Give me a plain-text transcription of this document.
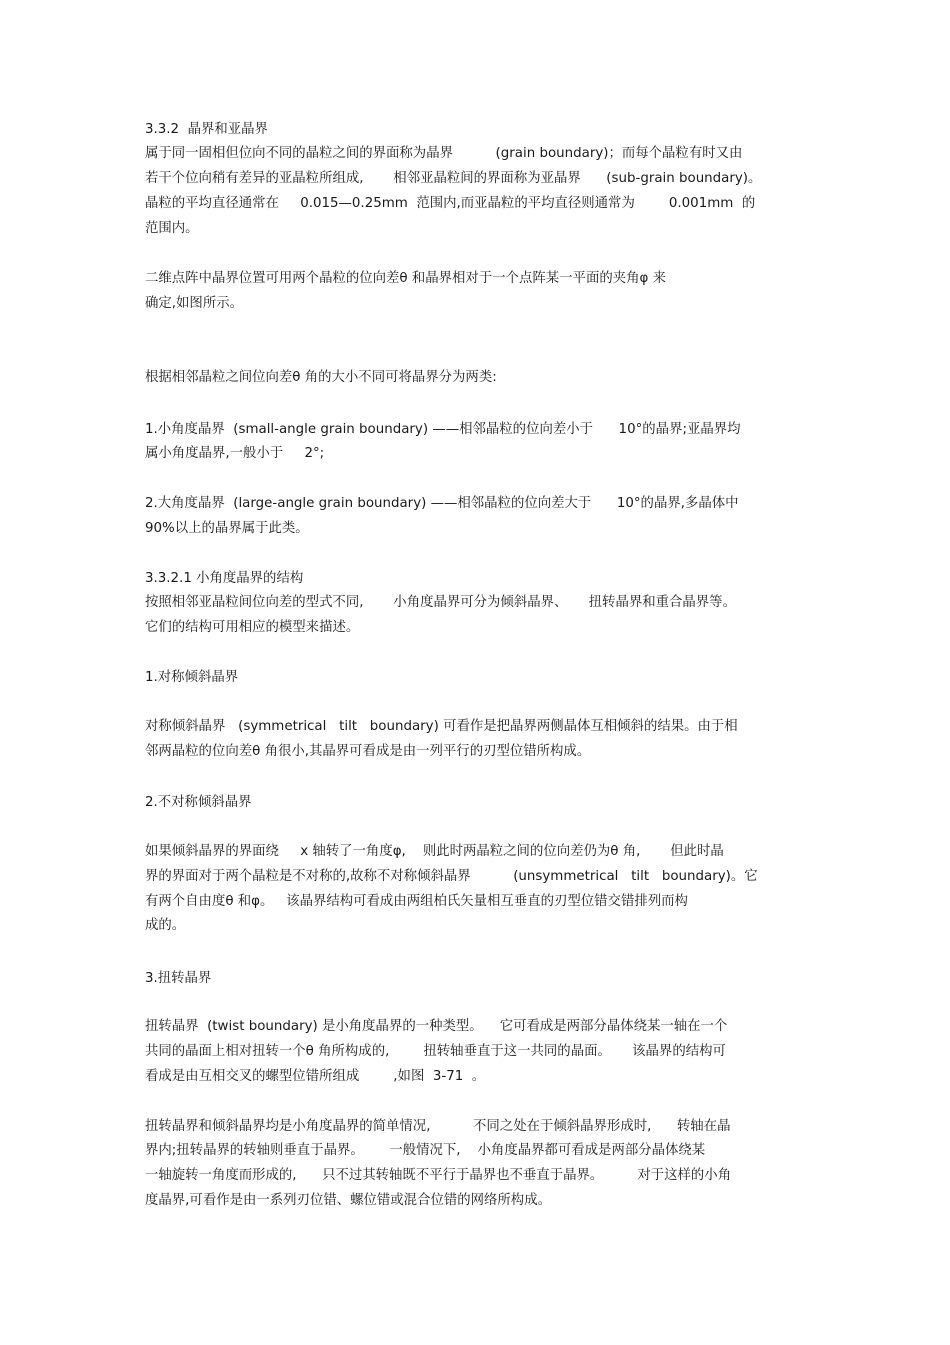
3.3.2  晶界和亚晶界
属于同一固相但位向不同的晶粒之间的界面称为晶界          (grain boundary)；而每个晶粒有时又由
若干个位向稍有差异的亚晶粒所组成,       相邻亚晶粒间的界面称为亚晶界      (sub-grain boundary)。
晶粒的平均直径通常在     0.015—0.25mm  范围内,而亚晶粒的平均直径则通常为        0.001mm  的
范围内。
二维点阵中晶界位置可用两个晶粒的位向差θ 和晶界相对于一个点阵某一平面的夹角φ 来
确定,如图所示。
根据相邻晶粒之间位向差θ 角的大小不同可将晶界分为两类:
1.小角度晶界  (small-angle grain boundary) ——相邻晶粒的位向差小于      10°的晶界;亚晶界均
属小角度晶界,一般小于     2°;
2.大角度晶界  (large-angle grain boundary) ——相邻晶粒的位向差大于      10°的晶界,多晶体中
90%以上的晶界属于此类。
3.3.2.1 小角度晶界的结构
按照相邻亚晶粒间位向差的型式不同,       小角度晶界可分为倾斜晶界、     扭转晶界和重合晶界等。
它们的结构可用相应的模型来描述。
1.对称倾斜晶界
对称倾斜晶界   (symmetrical   tilt   boundary) 可看作是把晶界两侧晶体互相倾斜的结果。由于相
邻两晶粒的位向差θ 角很小,其晶界可看成是由一列平行的刃型位错所构成。
2.不对称倾斜晶界
如果倾斜晶界的界面绕     x 轴转了一角度φ,    则此时两晶粒之间的位向差仍为θ 角,       但此时晶
界的界面对于两个晶粒是不对称的,故称不对称倾斜晶界          (unsymmetrical   tilt   boundary)。它
有两个自由度θ 和φ。   该晶界结构可看成由两组柏氏矢量相互垂直的刃型位错交错排列而构
成的。
3.扭转晶界
扭转晶界  (twist boundary) 是小角度晶界的一种类型。    它可看成是两部分晶体绕某一轴在一个
共同的晶面上相对扭转一个θ 角所构成的,        扭转轴垂直于这一共同的晶面。     该晶界的结构可
看成是由互相交叉的螺型位错所组成        ,如图  3-71  。
扭转晶界和倾斜晶界均是小角度晶界的简单情况,          不同之处在于倾斜晶界形成时,      转轴在晶
界内;扭转晶界的转轴则垂直于晶界。      一般情况下,    小角度晶界都可看成是两部分晶体绕某
一轴旋转一角度而形成的,      只不过其转轴既不平行于晶界也不垂直于晶界。        对于这样的小角
度晶界,可看作是由一系列刃位错、螺位错或混合位错的网络所构成。
